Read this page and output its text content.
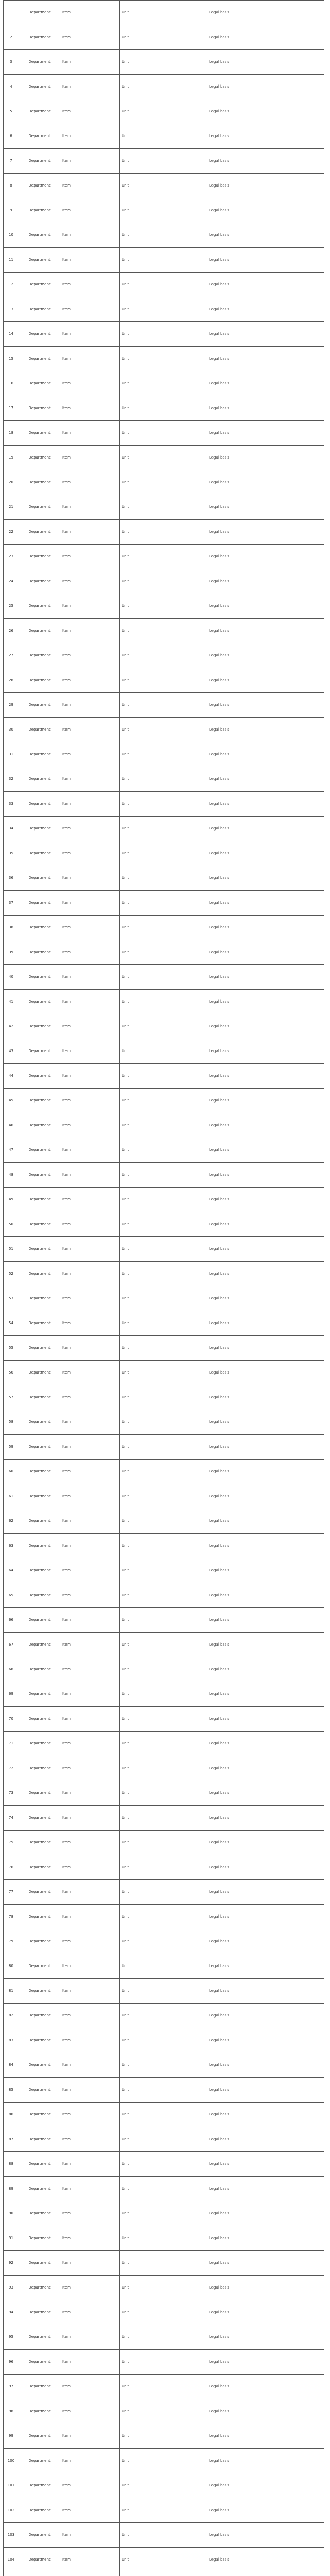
1	Department	Item	Unit	Legal basis
2	Department	Item	Unit	Legal basis
3	Department	Item	Unit	Legal basis
4	Department	Item	Unit	Legal basis
5	Department	Item	Unit	Legal basis
6	Department	Item	Unit	Legal basis
7	Department	Item	Unit	Legal basis
8	Department	Item	Unit	Legal basis
9	Department	Item	Unit	Legal basis
10	Department	Item	Unit	Legal basis
11	Department	Item	Unit	Legal basis
12	Department	Item	Unit	Legal basis
13	Department	Item	Unit	Legal basis
14	Department	Item	Unit	Legal basis
15	Department	Item	Unit	Legal basis
16	Department	Item	Unit	Legal basis
17	Department	Item	Unit	Legal basis
18	Department	Item	Unit	Legal basis
19	Department	Item	Unit	Legal basis
20	Department	Item	Unit	Legal basis
21	Department	Item	Unit	Legal basis
22	Department	Item	Unit	Legal basis
23	Department	Item	Unit	Legal basis
24	Department	Item	Unit	Legal basis
25	Department	Item	Unit	Legal basis
26	Department	Item	Unit	Legal basis
27	Department	Item	Unit	Legal basis
28	Department	Item	Unit	Legal basis
29	Department	Item	Unit	Legal basis
30	Department	Item	Unit	Legal basis
31	Department	Item	Unit	Legal basis
32	Department	Item	Unit	Legal basis
33	Department	Item	Unit	Legal basis
34	Department	Item	Unit	Legal basis
35	Department	Item	Unit	Legal basis
36	Department	Item	Unit	Legal basis
37	Department	Item	Unit	Legal basis
38	Department	Item	Unit	Legal basis
39	Department	Item	Unit	Legal basis
40	Department	Item	Unit	Legal basis
41	Department	Item	Unit	Legal basis
42	Department	Item	Unit	Legal basis
43	Department	Item	Unit	Legal basis
44	Department	Item	Unit	Legal basis
45	Department	Item	Unit	Legal basis
46	Department	Item	Unit	Legal basis
47	Department	Item	Unit	Legal basis
48	Department	Item	Unit	Legal basis
49	Department	Item	Unit	Legal basis
50	Department	Item	Unit	Legal basis
51	Department	Item	Unit	Legal basis
52	Department	Item	Unit	Legal basis
53	Department	Item	Unit	Legal basis
54	Department	Item	Unit	Legal basis
55	Department	Item	Unit	Legal basis
56	Department	Item	Unit	Legal basis
57	Department	Item	Unit	Legal basis
58	Department	Item	Unit	Legal basis
59	Department	Item	Unit	Legal basis
60	Department	Item	Unit	Legal basis
61	Department	Item	Unit	Legal basis
62	Department	Item	Unit	Legal basis
63	Department	Item	Unit	Legal basis
64	Department	Item	Unit	Legal basis
65	Department	Item	Unit	Legal basis
66	Department	Item	Unit	Legal basis
67	Department	Item	Unit	Legal basis
68	Department	Item	Unit	Legal basis
69	Department	Item	Unit	Legal basis
70	Department	Item	Unit	Legal basis
71	Department	Item	Unit	Legal basis
72	Department	Item	Unit	Legal basis
73	Department	Item	Unit	Legal basis
74	Department	Item	Unit	Legal basis
75	Department	Item	Unit	Legal basis
76	Department	Item	Unit	Legal basis
77	Department	Item	Unit	Legal basis
78	Department	Item	Unit	Legal basis
79	Department	Item	Unit	Legal basis
80	Department	Item	Unit	Legal basis
81	Department	Item	Unit	Legal basis
82	Department	Item	Unit	Legal basis
83	Department	Item	Unit	Legal basis
84	Department	Item	Unit	Legal basis
85	Department	Item	Unit	Legal basis
86	Department	Item	Unit	Legal basis
87	Department	Item	Unit	Legal basis
88	Department	Item	Unit	Legal basis
89	Department	Item	Unit	Legal basis
90	Department	Item	Unit	Legal basis
91	Department	Item	Unit	Legal basis
92	Department	Item	Unit	Legal basis
93	Department	Item	Unit	Legal basis
94	Department	Item	Unit	Legal basis
95	Department	Item	Unit	Legal basis
96	Department	Item	Unit	Legal basis
97	Department	Item	Unit	Legal basis
98	Department	Item	Unit	Legal basis
99	Department	Item	Unit	Legal basis
100	Department	Item	Unit	Legal basis
101	Department	Item	Unit	Legal basis
102	Department	Item	Unit	Legal basis
103	Department	Item	Unit	Legal basis
104	Department	Item	Unit	Legal basis
